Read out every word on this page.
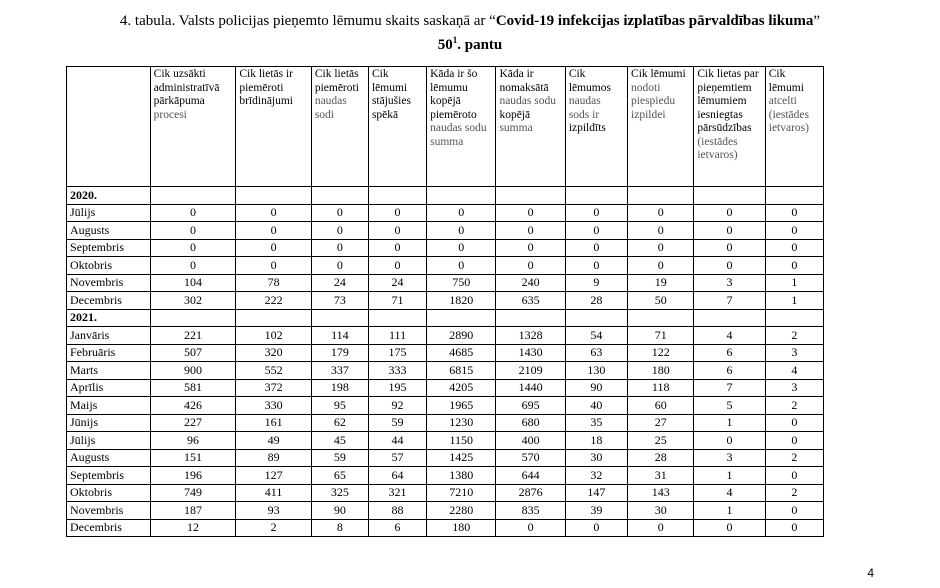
4. tabula. Valsts policijas pieņemto lēmumu skaits saskaņā ar “Covid-19 infekcijas izplatības pārvaldības likuma”
$50^1$. pantu
	Cik uzsākti administratīvā pārkāpuma procesi	Cik lietās ir piemēroti brīdinājumi	Cik lietās piemēroti naudas sodi	Cik lēmumi stājušies spēkā	Kāda ir šo lēmumu kopējā piemēroto naudas sodu summa	Kāda ir nomaksātā naudas sodu kopējā summa	Cik lēmumos naudas sods ir izpildīts	Cik lēmumi nodoti piespiedu izpildei	Cik lietas par pieņemtiem lēmumiem iesniegtas pārsūdzības (iestādes ietvaros)	Cik lēmumi atcelti (iestādes ietvaros)
2020.										
Jūlijs	0	0	0	0	0	0	0	0	0	0
Augusts	0	0	0	0	0	0	0	0	0	0
Septembris	0	0	0	0	0	0	0	0	0	0
Oktobris	0	0	0	0	0	0	0	0	0	0
Novembris	104	78	24	24	750	240	9	19	3	1
Decembris	302	222	73	71	1820	635	28	50	7	1
2021.										
Janvāris	221	102	114	111	2890	1328	54	71	4	2
Februāris	507	320	179	175	4685	1430	63	122	6	3
Marts	900	552	337	333	6815	2109	130	180	6	4
Aprīlis	581	372	198	195	4205	1440	90	118	7	3
Maijs	426	330	95	92	1965	695	40	60	5	2
Jūnijs	227	161	62	59	1230	680	35	27	1	0
Jūlijs	96	49	45	44	1150	400	18	25	0	0
Augusts	151	89	59	57	1425	570	30	28	3	2
Septembris	196	127	65	64	1380	644	32	31	1	0
Oktobris	749	411	325	321	7210	2876	147	143	4	2
Novembris	187	93	90	88	2280	835	39	30	1	0
Decembris	12	2	8	6	180	0	0	0	0	0
4
